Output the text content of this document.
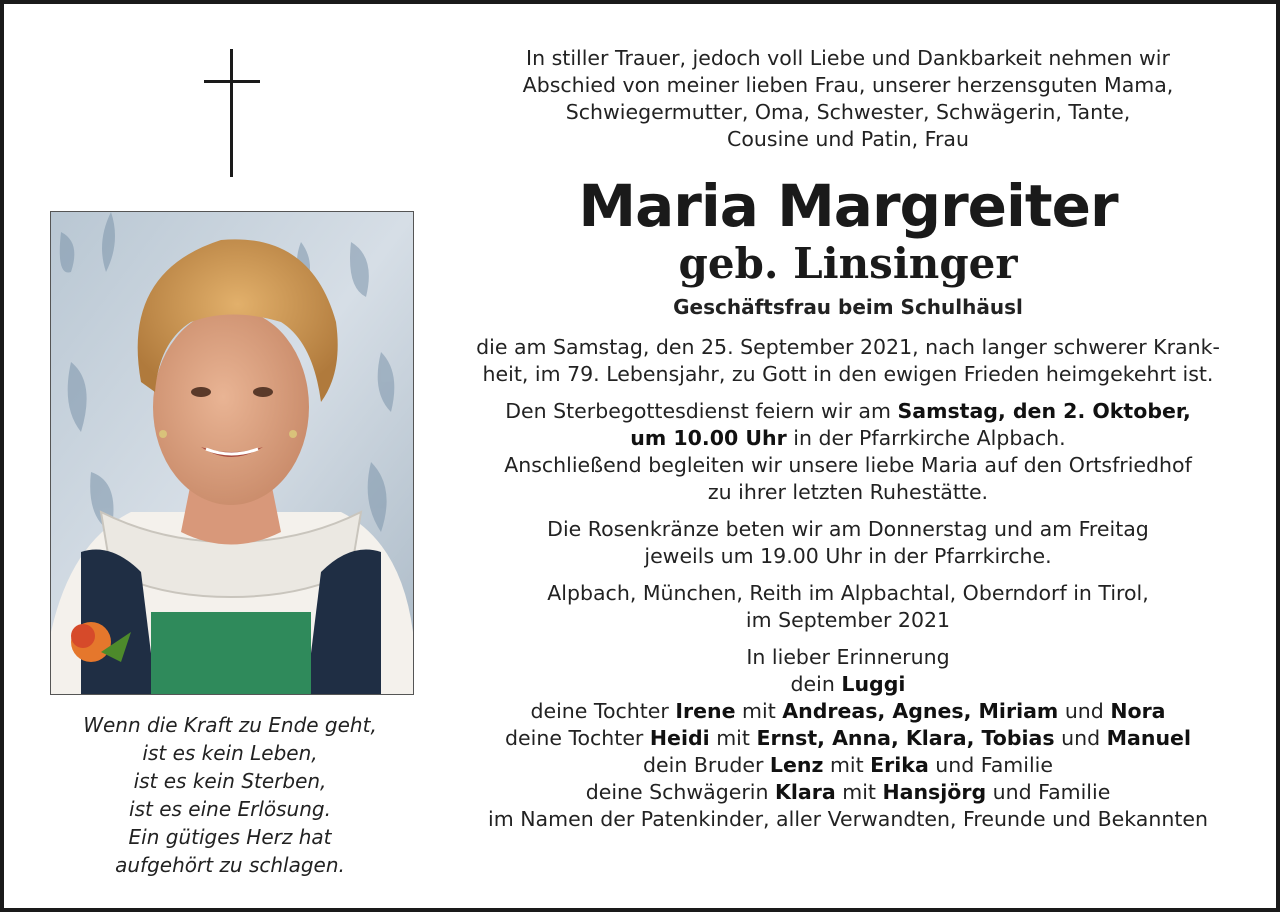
Wenn die Kraft zu Ende geht,
ist es kein Leben,
ist es kein Sterben,
ist es eine Erlösung.
Ein gütiges Herz hat
aufgehört zu schlagen.
In stiller Trauer, jedoch voll Liebe und Dankbarkeit nehmen wir
Abschied von meiner lieben Frau, unserer herzensguten Mama,
Schwiegermutter, Oma, Schwester, Schwägerin, Tante,
Cousine und Patin, Frau
Maria Margreiter
geb. Linsinger
Geschäftsfrau beim Schulhäusl
die am Samstag, den 25. September 2021, nach langer schwerer Krank-
heit, im 79. Lebensjahr, zu Gott in den ewigen Frieden heimgekehrt ist.
Den Sterbegottesdienst feiern wir am Samstag, den 2. Oktober,
um 10.00 Uhr in der Pfarrkirche Alpbach.
Anschließend begleiten wir unsere liebe Maria auf den Ortsfriedhof
zu ihrer letzten Ruhestätte.
Die Rosenkränze beten wir am Donnerstag und am Freitag
jeweils um 19.00 Uhr in der Pfarrkirche.
Alpbach, München, Reith im Alpbachtal, Oberndorf in Tirol,
im September 2021
In lieber Erinnerung
dein Luggi
deine Tochter Irene mit Andreas, Agnes, Miriam und Nora
deine Tochter Heidi mit Ernst, Anna, Klara, Tobias und Manuel
dein Bruder Lenz mit Erika und Familie
deine Schwägerin Klara mit Hansjörg und Familie
im Namen der Patenkinder, aller Verwandten, Freunde und Bekannten
